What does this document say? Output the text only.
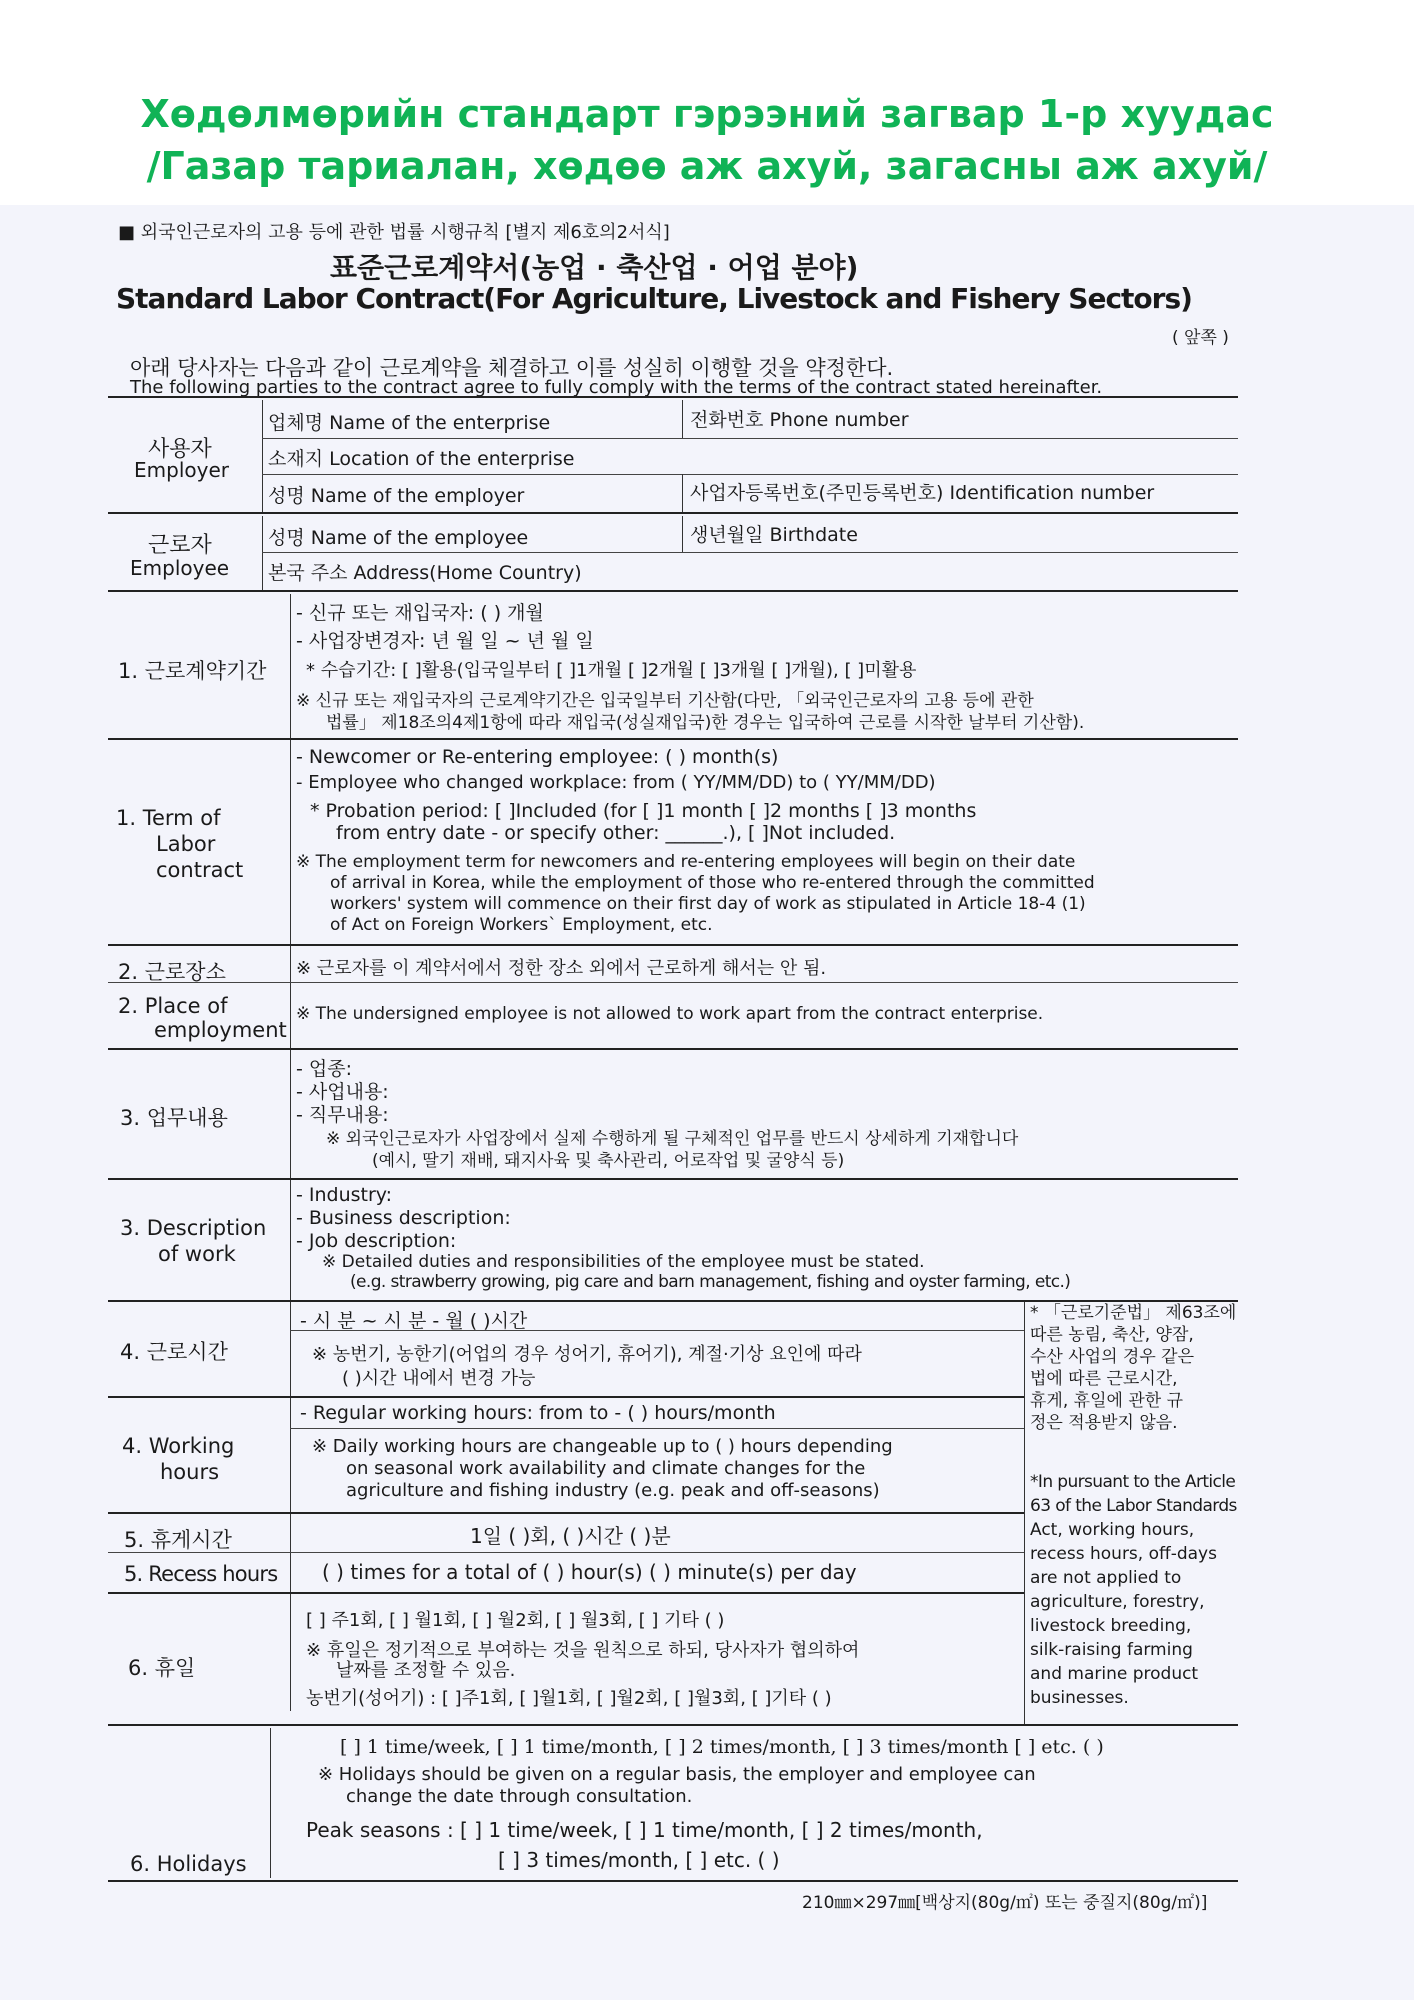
Хөдөлмөрийн стандарт гэрээний загвар 1-р хуудас
/Газар тариалан, хөдөө аж ахуй, загасны аж ахуй/
■ 외국인근로자의 고용 등에 관한 법률 시행규칙 [별지 제6호의2서식]
표준근로계약서(농업 · 축산업 · 어업 분야)
Standard Labor Contract(For Agriculture, Livestock and Fishery Sectors)
( 앞쪽 )
아래 당사자는 다음과 같이 근로계약을 체결하고 이를 성실히 이행할 것을 약정한다.
The following parties to the contract agree to fully comply with the terms of the contract stated hereinafter.
사용자
Employer
업체명 Name of the enterprise	전화번호 Phone number
소재지 Location of the enterprise
성명 Name of the employer	사업자등록번호(주민등록번호) Identification number
근로자
Employee
성명 Name of the employee	생년월일 Birthdate
본국 주소 Address(Home Country)
1. 근로계약기간
- 신규 또는 재입국자: ( ) 개월
- 사업장변경자: 년 월 일 ~ 년 월 일
* 수습기간: [ ]활용(입국일부터 [ ]1개월 [ ]2개월 [ ]3개월 [ ]개월), [ ]미활용
※ 신규 또는 재입국자의 근로계약기간은 입국일부터 기산함(다만, 「외국인근로자의 고용 등에 관한
법률」 제18조의4제1항에 따라 재입국(성실재입국)한 경우는 입국하여 근로를 시작한 날부터 기산함).
1. Term of
Labor
contract
- Newcomer or Re-entering employee: ( ) month(s)
- Employee who changed workplace: from ( YY/MM/DD) to ( YY/MM/DD)
* Probation period: [ ]Included (for [ ]1 month [ ]2 months [ ]3 months
from entry date - or specify other: ______.), [ ]Not included.
※ The employment term for newcomers and re-entering employees will begin on their date
of arrival in Korea, while the employment of those who re-entered through the committed
workers' system will commence on their first day of work as stipulated in Article 18-4 (1)
of Act on Foreign Workers` Employment, etc.
2. 근로장소	※ 근로자를 이 계약서에서 정한 장소 외에서 근로하게 해서는 안 됨.
2. Place of
employment
※ The undersigned employee is not allowed to work apart from the contract enterprise.
3. 업무내용
- 업종:
- 사업내용:
- 직무내용:
※ 외국인근로자가 사업장에서 실제 수행하게 될 구체적인 업무를 반드시 상세하게 기재합니다
(예시, 딸기 재배, 돼지사육 및 축사관리, 어로작업 및 굴양식 등)
3. Description
of work
- Industry:
- Business description:
- Job description:
※ Detailed duties and responsibilities of the employee must be stated.
(e.g. strawberry growing, pig care and barn management, fishing and oyster farming, etc.)
* 「근로기준법」 제63조에
따른 농림, 축산, 양잠,
수산 사업의 경우 같은
법에 따른 근로시간,
휴게, 휴일에 관한 규
정은 적용받지 않음.
*In pursuant to the Article
63 of the Labor Standards
Act, working hours,
recess hours, off-days
are not applied to
agriculture, forestry,
livestock breeding,
silk-raising farming
and marine product
businesses.
4. 근로시간
- 시 분 ~ 시 분 - 월 ( )시간
※ 농번기, 농한기(어업의 경우 성어기, 휴어기), 계절·기상 요인에 따라
( )시간 내에서 변경 가능
4. Working
hours
- Regular working hours: from to - ( ) hours/month
※ Daily working hours are changeable up to ( ) hours depending
on seasonal work availability and climate changes for the
agriculture and fishing industry (e.g. peak and off-seasons)
5. 휴게시간	1일 ( )회, ( )시간 ( )분
5. Recess hours ( ) times for a total of ( ) hour(s) ( ) minute(s) per day
6. 휴일
[ ] 주1회, [ ] 월1회, [ ] 월2회, [ ] 월3회, [ ] 기타 ( )
※ 휴일은 정기적으로 부여하는 것을 원칙으로 하되, 당사자가 협의하여
날짜를 조정할 수 있음.
농번기(성어기) : [ ]주1회, [ ]월1회, [ ]월2회, [ ]월3회, [ ]기타 ( )
6. Holidays
[ ] 1 time/week, [ ] 1 time/month, [ ] 2 times/month, [ ] 3 times/month [ ] etc. ( )
※ Holidays should be given on a regular basis, the employer and employee can
change the date through consultation.
Peak seasons : [ ] 1 time/week, [ ] 1 time/month, [ ] 2 times/month,
[ ] 3 times/month, [ ] etc. ( )
210㎜×297㎜[백상지(80g/㎡) 또는 중질지(80g/㎡)]
